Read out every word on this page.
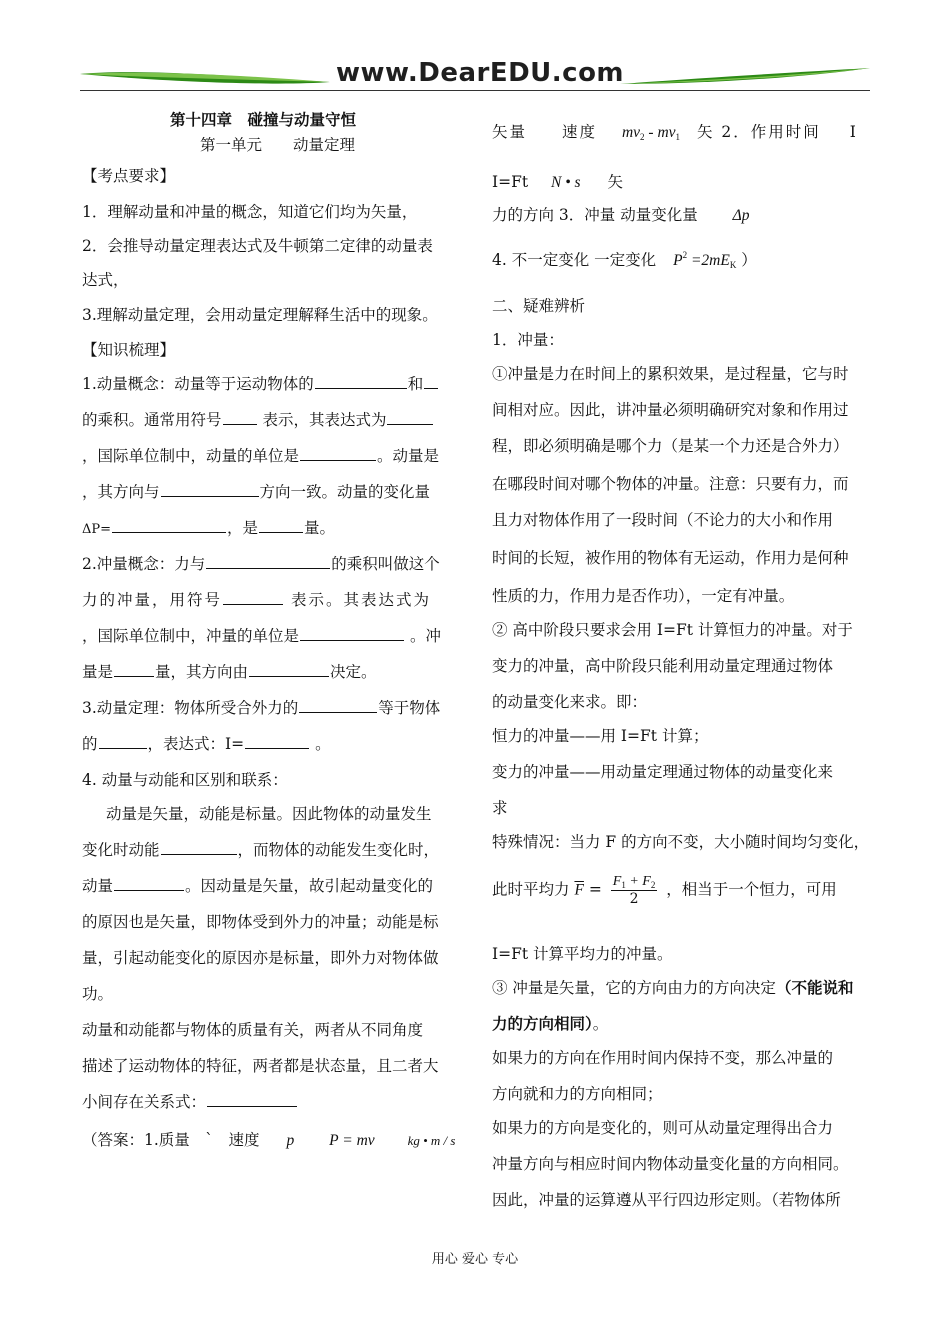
www.DearEDU.com
第十四章　碰撞与动量守恒
第一单元　　动量定理
【考点要求】
1．理解动量和冲量的概念，知道它们均为矢量，
2．会推导动量定理表达式及牛顿第二定律的动量表
达式，
3.理解动量定理，会用动量定理解释生活中的现象。
【知识梳理】
1.动量概念：动量等于运动物体的	和
的乘积。通常用符号	表示，其表达式为
，国际单位制中，动量的单位是	。动量是
，其方向与	方向一致。动量的变化量
ΔP=	，是	量。
2.冲量概念：力与	的乘积叫做这个
力的冲量，用符号	表示。其表达式为
，国际单位制中，冲量的单位是	。冲
量是	量，其方向由	决定。
3.动量定理：物体所受合外力的	等于物体
的	，表达式：I=	。
4. 动量与动能和区别和联系：
动量是矢量，动能是标量。因此物体的动量发生
变化时动能	，而物体的动能发生变化时，
动量	。因动量是矢量，故引起动量变化的
的原因也是矢量，即物体受到外力的冲量；动能是标
量，引起动能变化的原因亦是标量，即外力对物体做
功。
动量和动能都与物体的质量有关，两者从不同角度
描述了运动物体的特征，两者都是状态量，且二者大
小间存在关系式：
（答案：1.质量　`　速度 p P = mv	kg • m / s
矢量　　速度 $mv_2 - mv_1$ 矢 2．作用时间 I
I=Ft N • s 矢
力的方向 3．冲量 动量变化量 Δp
4. 不一定变化 一定变化 $P^2 =2mE_K$ ）
二、疑难辨析
1．冲量：
①冲量是力在时间上的累积效果，是过程量，它与时
间相对应。因此，讲冲量必须明确研究对象和作用过
程，即必须明确是哪个力（是某一个力还是合外力）
在哪段时间对哪个物体的冲量。注意：只要有力，而
且力对物体作用了一段时间（不论力的大小和作用
时间的长短，被作用的物体有无运动，作用力是何种
性质的力，作用力是否作功），一定有冲量。
② 高中阶段只要求会用 I=Ft 计算恒力的冲量。对于
变力的冲量，高中阶段只能利用动量定理通过物体
的动量变化来求。即：
恒力的冲量——用 I=Ft 计算；
变力的冲量——用动量定理通过物体的动量变化来
求
特殊情况：当力 F 的方向不变，大小随时间均匀变化，
此时平均力 $\overline{F} = \frac{F_1 + F_2}{2}$ ，相当于一个恒力，可用
I=Ft 计算平均力的冲量。
③ 冲量是矢量，它的方向由力的方向决定（不能说和
力的方向相同）。
如果力的方向在作用时间内保持不变，那么冲量的
方向就和力的方向相同；
如果力的方向是变化的，则可从动量定理得出合力
冲量方向与相应时间内物体动量变化量的方向相同。
因此，冲量的运算遵从平行四边形定则。（若物体所
用心 爱心 专心
